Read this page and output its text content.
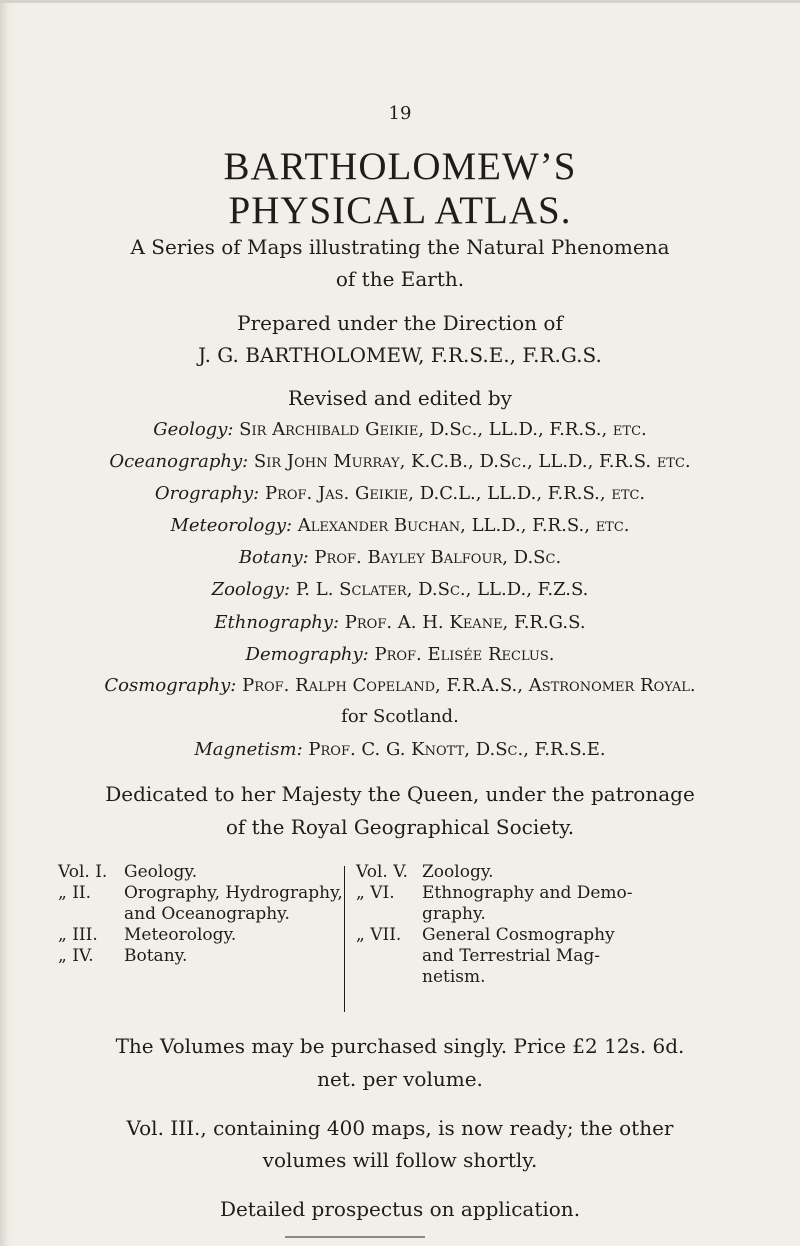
19
BARTHOLOMEW’S
PHYSICAL ATLAS.
A Series of Maps illustrating the Natural Phenomena
of the Earth.
Prepared under the Direction of
J. G. BARTHOLOMEW, F.R.S.E., F.R.G.S.
Revised and edited by
Geology: Sir Archibald Geikie, D.Sc., LL.D., F.R.S., etc.
Oceanography: Sir John Murray, K.C.B., D.Sc., LL.D., F.R.S. etc.
Orography: Prof. Jas. Geikie, D.C.L., LL.D., F.R.S., etc.
Meteorology: Alexander Buchan, LL.D., F.R.S., etc.
Botany: Prof. Bayley Balfour, D.Sc.
Zoology: P. L. Sclater, D.Sc., LL.D., F.Z.S.
Ethnography: Prof. A. H. Keane, F.R.G.S.
Demography: Prof. Elisée Reclus.
Cosmography: Prof. Ralph Copeland, F.R.A.S., Astronomer Royal.
for Scotland.
Magnetism: Prof. C. G. Knott, D.Sc., F.R.S.E.
Dedicated to her Majesty the Queen, under the patronage
of the Royal Geographical Society.
Vol. I. Geology.
„ II.	Orography, Hydrography,
and Oceanography.
„ III.	Meteorology.
„ IV.	Botany.
Vol. V. Zoology.
„ VI.	Ethnography and Demo-
graphy.
„ VII.	General Cosmography
and Terrestrial Mag-
netism.
The Volumes may be purchased singly. Price £2 12s. 6d.
net. per volume.
Vol. III., containing 400 maps, is now ready; the other
volumes will follow shortly.
Detailed prospectus on application.
